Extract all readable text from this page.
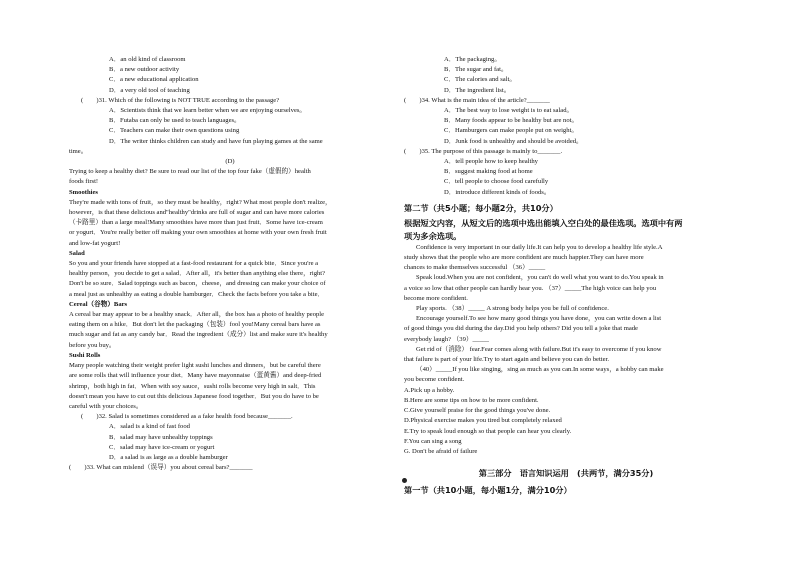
A．an old kind of classroom
B．a new outdoor activity
C．a new educational application
D．a very old tool of teaching
(　　)31. Which of the following is NOT TRUE according to the passage?
A．Scientists think that we learn better when we are enjoying ourselves。
B．Futaba can only be used to teach languages。
C．Teachers can make their own questions using
D．The writer thinks children can study and have fun playing games at the same
time。
(D)
Trying to keep a healthy diet? Be sure to read our list of the top four fake（虚假的）health
foods first!
Smoothies
They're made with tons of fruit，so they must be healthy，right? What most people don't realize，
however，is that these delicious and"healthy"drinks are full of sugar and can have more calories
（卡路里）than a large meal!Many smoothies have more than just fruit．Some have ice-cream
or yogurt．You're really better off making your own smoothies at home with your own fresh fruit
and low-fat yogurt!
Salad
So you and your friends have stopped at a fast-food restaurant for a quick bite．Since you're a
healthy person，you decide to get a salad．After all，it's better than anything else there，right?
Don't be so sure．Salad toppings such as bacon，cheese，and dressing can make your choice of
a meal just as unhealthy as eating a double hamburger．Check the facts before you take a bite．
Cereal（谷物）Bars
A cereal bar may appear to be a healthy snack．After all，the box has a photo of healthy people
eating them on a hike．But don't let the packaging（包装）fool you!Many cereal bars have as
much sugar and fat as any candy bar．Read the ingredient（成分）list and make sure it's healthy
before you buy。
Sushi Rolls
Many people watching their weight prefer light sushi lunches and dinners，but be careful there
are some rolls that will influence your diet．Many have mayonnaise（蛋黄酱）and deep-fried
shrimp，both high in fat．When with soy sauce，sushi rolls become very high in salt．This
doesn't mean you have to cut out this delicious Japanese food together．But you do have to be
careful with your choices。
(　　)32. Salad is sometimes considered as a fake health food because_______.
A．salad is a kind of fast food
B．salad may have unhealthy toppings
C．salad may have ice-cream or yogurt
D．a salad is as large as a double hamburger
(　　)33. What can mislend（误导）you about cereal bars?_______
A．The packaging。
B．The sugar and fat。
C．The calories and salt。
D．The ingredient list。
(　　)34. What is the main idea of the article?_______
A．The best way to lose weight is to eat salad。
B．Many foods appear to be healthy but are not。
C．Hamburgers can make people put on weight。
D．Junk food is unhealthy and should be avoided。
(　　)35. The purpose of this passage is mainly to_______.
A．tell people how to keep healthy
B．suggest making food at home
C．tell people to choose food carefully
D．introduce different kinds of foods。
第二节（共5小题；每小题2分，共10分）
根据短文内容，从短文后的选项中选出能填入空白处的最佳选项。选项中有两
项为多余选项。
Confidence is very important in our daily life.It can help you to develop a healthy life style.A
study shows that the people who are more confident are much happier.They can have more
chances to make themselves successful （36）_____
Speak loud.When you are not confident，you can't do well what you want to do.You speak in
a voice so low that other people can hardly hear you. （37）_____The high voice can help you
become more confident.
Play sports. （38）_____ A strong body helps you be full of confidence.
Encourage yourself.To see how many good things you have done，you can write down a list
of good things you did during the day.Did you help others? Did you tell a joke that made
everybody laugh? （39）_____
Get rid of（消除） fear.Fear comes along with failure.But it's easy to overcome if you know
that failure is part of your life.Try to start again and believe you can do better.
（40）_____If you like singing，sing as much as you can.In some ways，a hobby can make
you become confident.
A.Pick up a hobby.
B.Here are some tips on how to be more confident.
C.Give yourself praise for the good things you've done.
D.Physical exercise makes you tired but completely relaxed
E.Try to speak loud enough so that people can hear you clearly.
F.You can sing a song
G. Don't be afraid of failure
第三部分　语言知识运用　(共两节，满分35分)
第一节（共10小题，每小题1分，满分10分）
